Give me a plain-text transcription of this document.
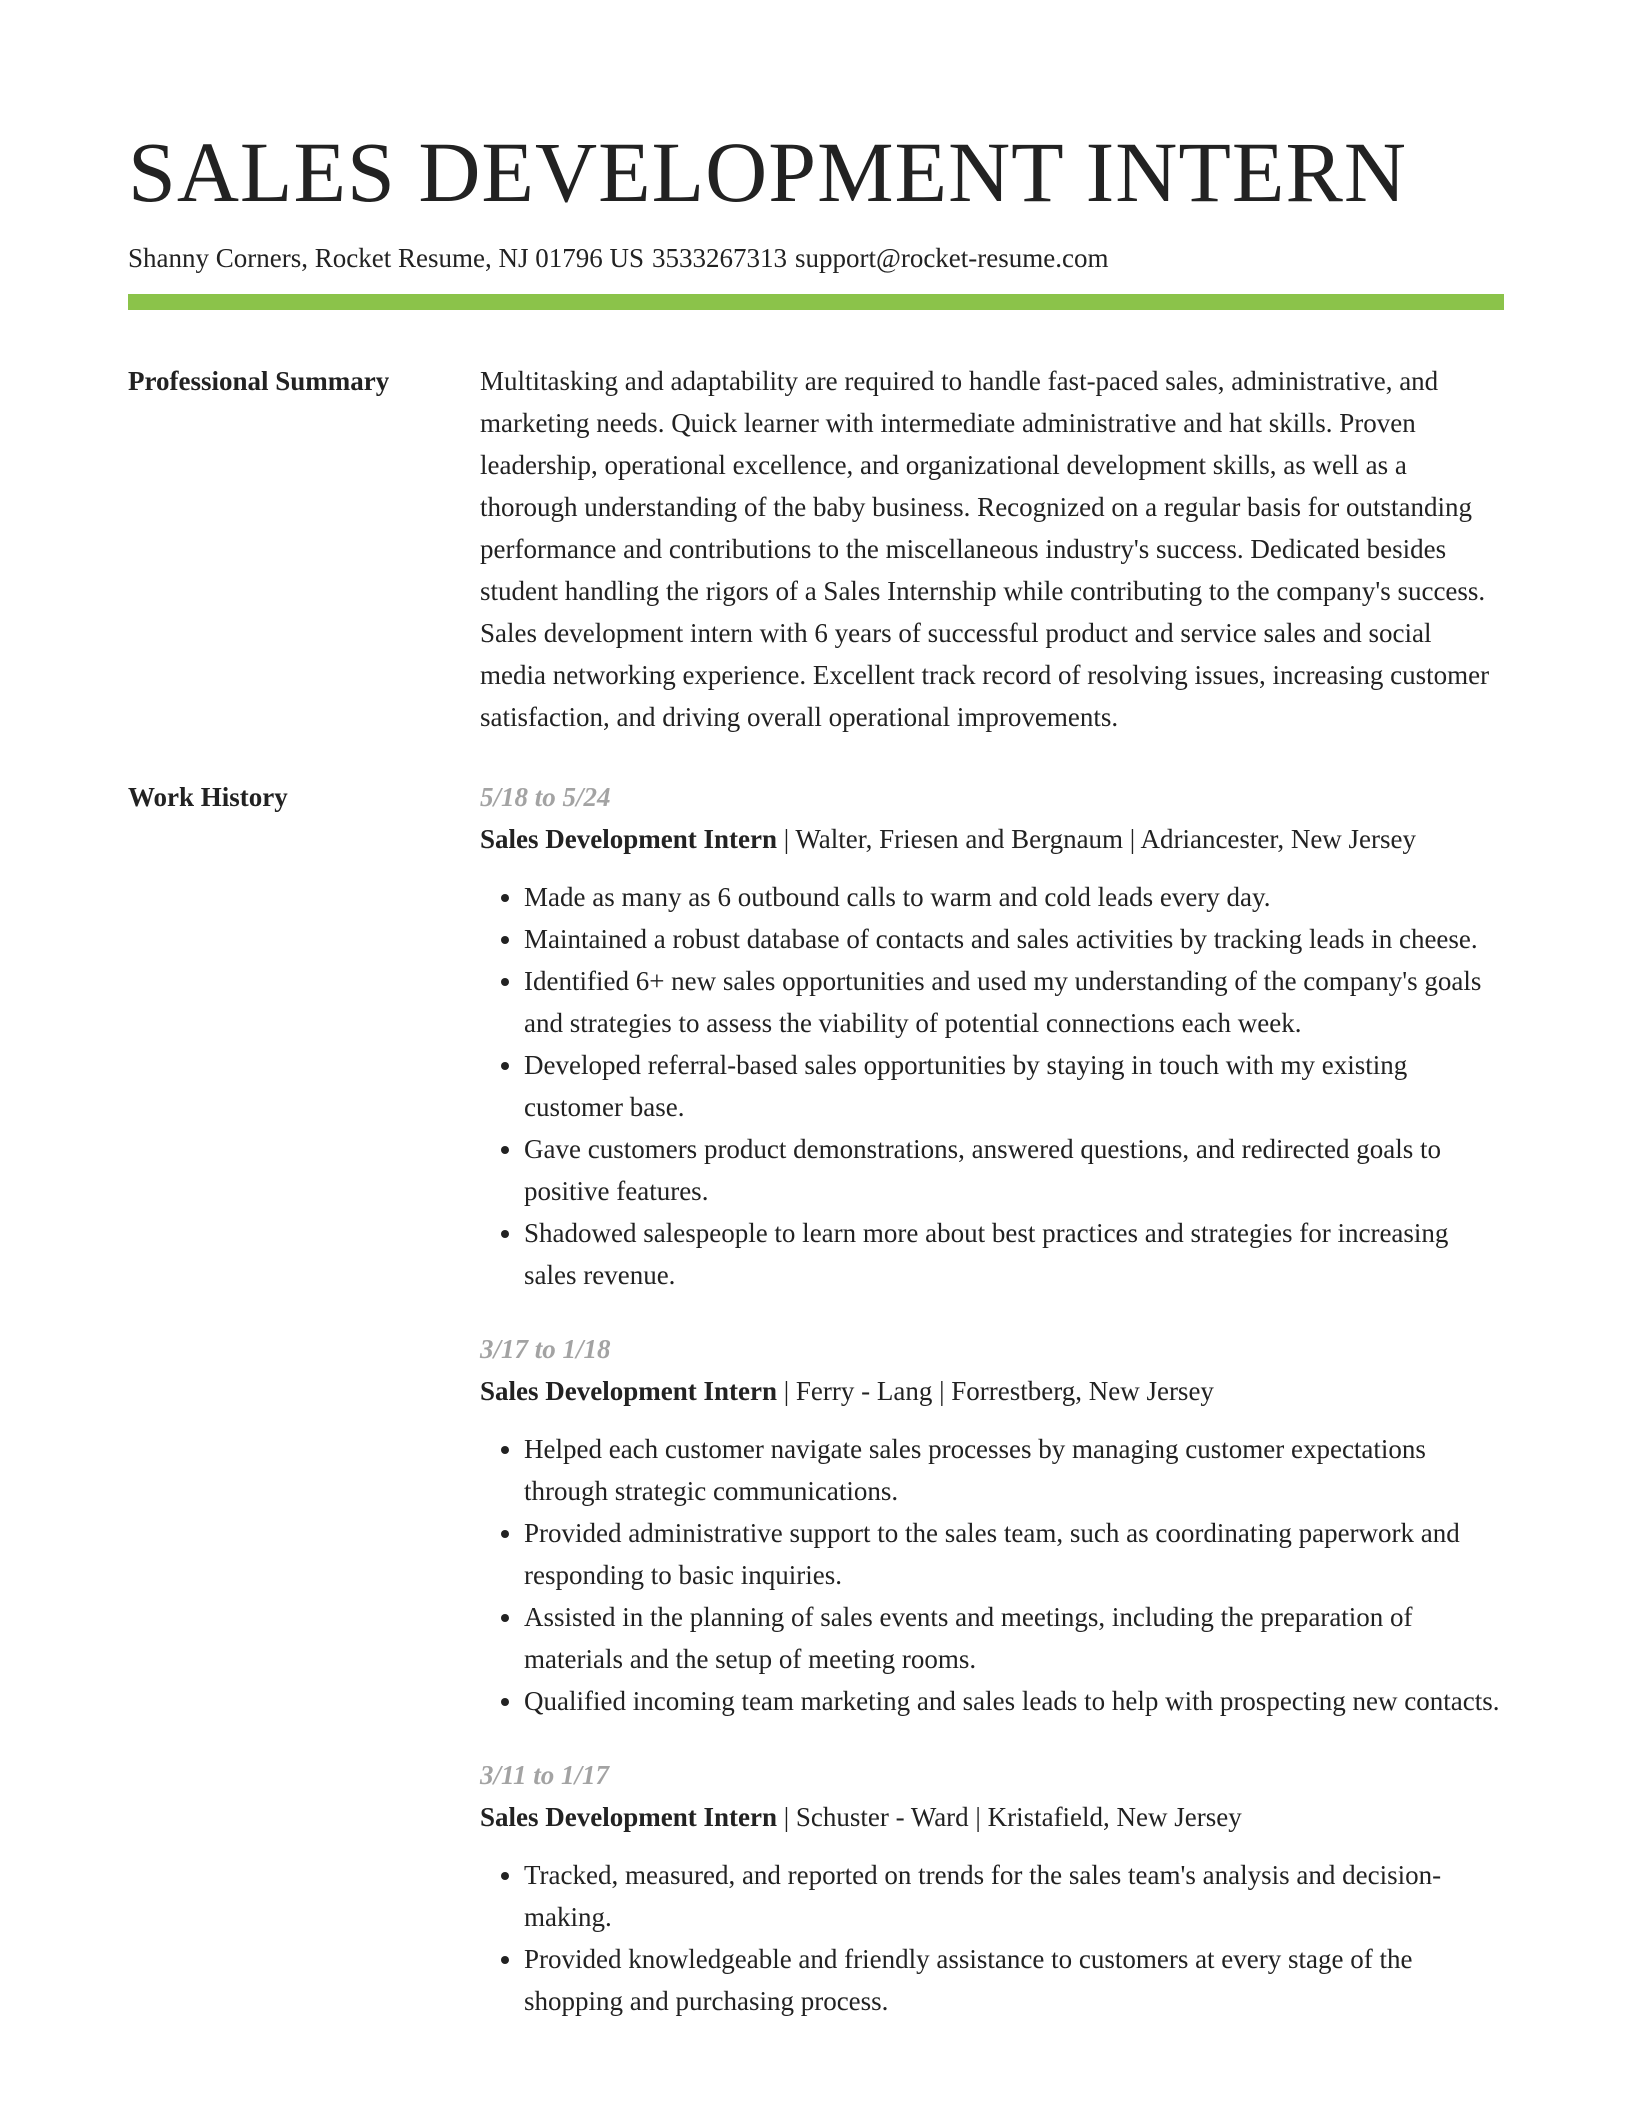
SALES DEVELOPMENT INTERN
Shanny Corners, Rocket Resume, NJ 01796 US 3533267313 support@rocket-resume.com
Professional Summary	Multitasking and adaptability are required to handle fast-paced sales, administrative, and marketing needs. Quick learner with intermediate administrative and hat skills. Proven leadership, operational excellence, and organizational development skills, as well as a thorough understanding of the baby business. Recognized on a regular basis for outstanding performance and contributions to the miscellaneous industry's success. Dedicated besides student handling the rigors of a Sales Internship while contributing to the company's success. Sales development intern with 6 years of successful product and service sales and social media networking experience. Excellent track record of resolving issues, increasing customer satisfaction, and driving overall operational improvements.

Work History	5/18 to 5/24
Sales Development Intern | Walter, Friesen and Bergnaum | Adriancester, New Jersey
• Made as many as 6 outbound calls to warm and cold leads every day.
• Maintained a robust database of contacts and sales activities by tracking leads in cheese.
• Identified 6+ new sales opportunities and used my understanding of the company's goals and strategies to assess the viability of potential connections each week.
• Developed referral-based sales opportunities by staying in touch with my existing customer base.
• Gave customers product demonstrations, answered questions, and redirected goals to positive features.
• Shadowed salespeople to learn more about best practices and strategies for increasing sales revenue.
3/17 to 1/18
Sales Development Intern | Ferry - Lang | Forrestberg, New Jersey
• Helped each customer navigate sales processes by managing customer expectations through strategic communications.
• Provided administrative support to the sales team, such as coordinating paperwork and responding to basic inquiries.
• Assisted in the planning of sales events and meetings, including the preparation of materials and the setup of meeting rooms.
• Qualified incoming team marketing and sales leads to help with prospecting new contacts.
3/11 to 1/17
Sales Development Intern | Schuster - Ward | Kristafield, New Jersey
• Tracked, measured, and reported on trends for the sales team's analysis and decision-making.
• Provided knowledgeable and friendly assistance to customers at every stage of the shopping and purchasing process.
